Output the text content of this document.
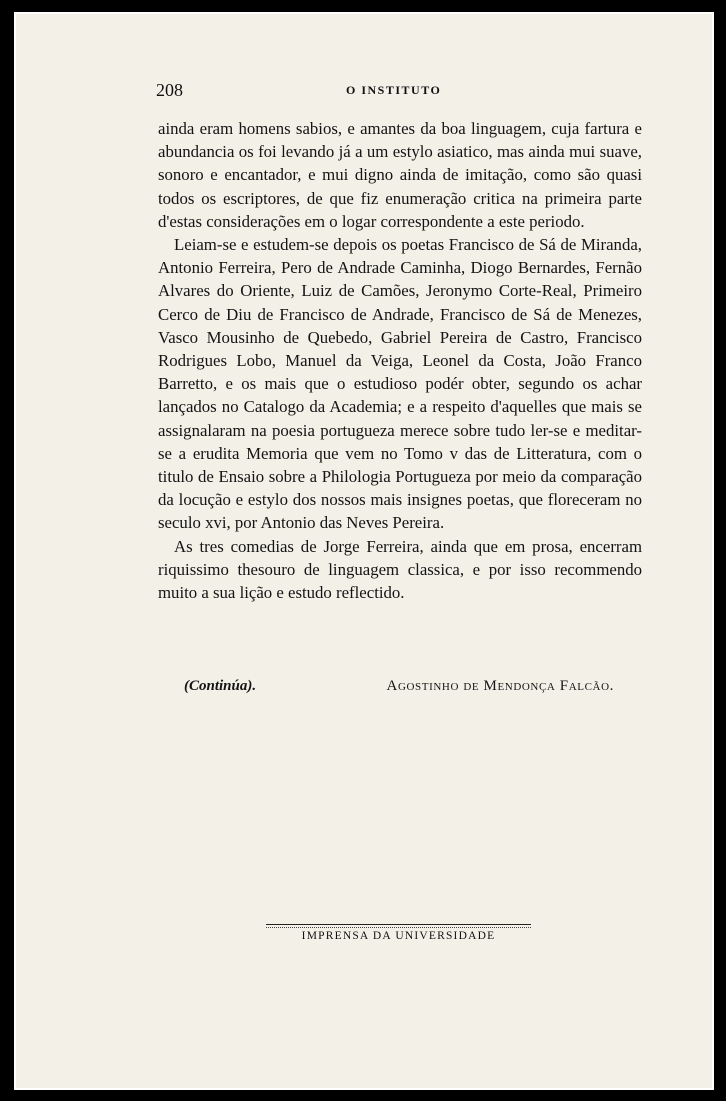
208	O INSTITUTO

ainda eram homens sabios, e amantes da boa linguagem, cuja fartura e abundancia os foi levando já a um estylo asiatico, mas ainda mui suave, sonoro e encantador, e mui digno ainda de imitação, como são quasi todos os escriptores, de que fiz enumeração critica na primeira parte d'estas considerações em o logar correspondente a este periodo.

Leiam-se e estudem-se depois os poetas Francisco de Sá de Miranda, Antonio Ferreira, Pero de Andrade Caminha, Diogo Bernardes, Fernão Alvares do Oriente, Luiz de Camões, Jeronymo Corte-Real, Primeiro Cerco de Diu de Francisco de Andrade, Francisco de Sá de Menezes, Vasco Mousinho de Quebedo, Gabriel Pereira de Castro, Francisco Rodrigues Lobo, Manuel da Veiga, Leonel da Costa, João Franco Barretto, e os mais que o estudioso podér obter, segundo os achar lançados no Catalogo da Academia; e a respeito d'aquelles que mais se assignalaram na poesia portugueza merece sobre tudo ler-se e meditar-se a erudita Memoria que vem no Tomo v das de Litteratura, com o titulo de Ensaio sobre a Philologia Portugueza por meio da comparação da locução e estylo dos nossos mais insignes poetas, que floreceram no seculo xvi, por Antonio das Neves Pereira.

As tres comedias de Jorge Ferreira, ainda que em prosa, encerram riquissimo thesouro de linguagem classica, e por isso recommendo muito a sua lição e estudo reflectido.

(Continúa).	Agostinho de Mendonça Falcão.
IMPRENSA DA UNIVERSIDADE
